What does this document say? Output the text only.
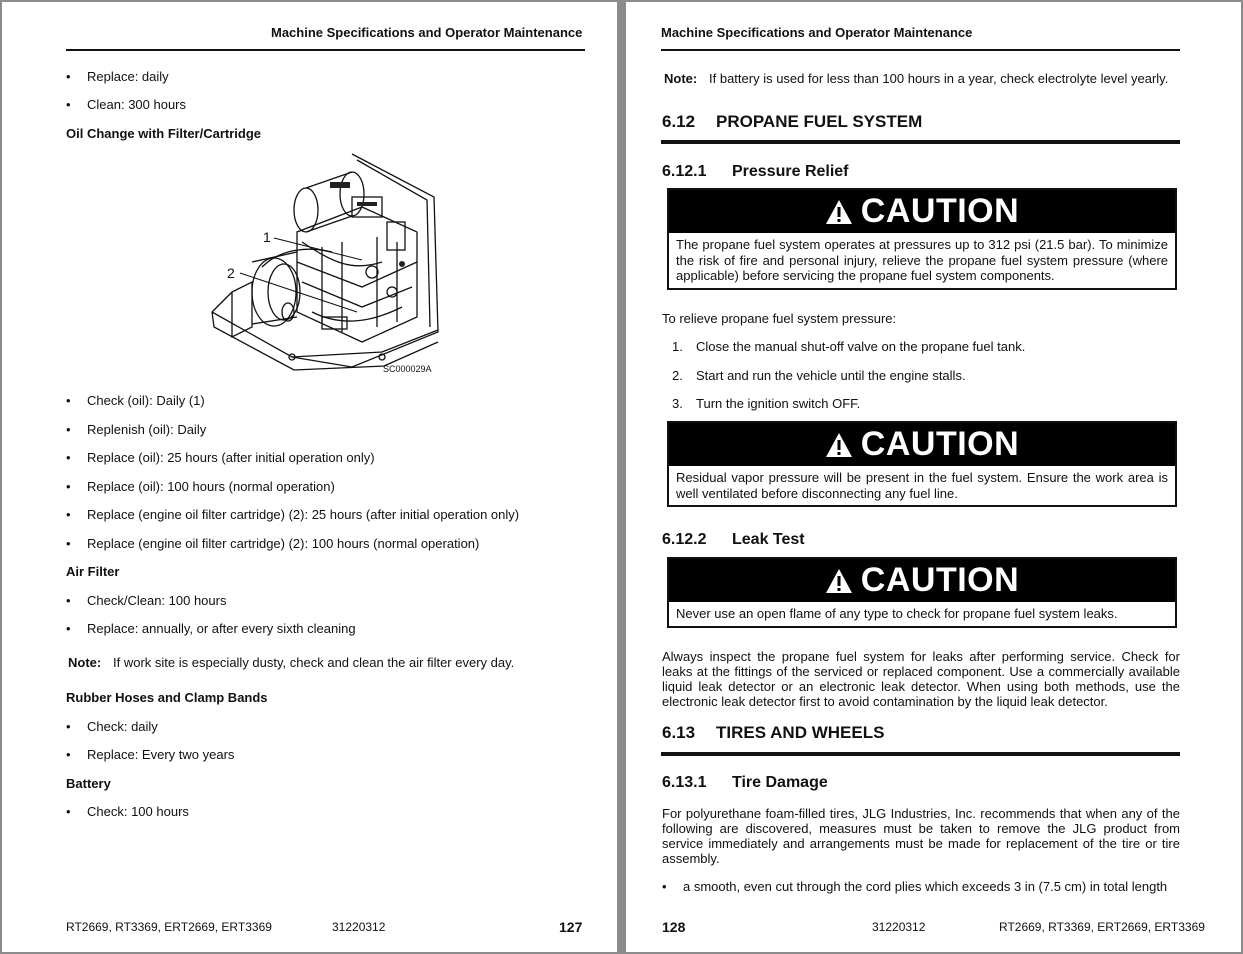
Machine Specifications and Operator Maintenance
• Replace: daily
• Clean: 300 hours
Oil Change with Filter/Cartridge
1
2
SC000029A
• Check (oil): Daily (1)
• Replenish (oil): Daily
• Replace (oil): 25 hours (after initial operation only)
• Replace (oil): 100 hours (normal operation)
• Replace (engine oil filter cartridge) (2): 25 hours (after initial operation only)
• Replace (engine oil filter cartridge) (2): 100 hours (normal operation)
Air Filter
• Check/Clean: 100 hours
• Replace: annually, or after every sixth cleaning
Note: If work site is especially dusty, check and clean the air filter every day.
Rubber Hoses and Clamp Bands
• Check: daily
• Replace: Every two years
Battery
• Check: 100 hours
RT2669, RT3369, ERT2669, ERT3369	31220312	127
Machine Specifications and Operator Maintenance
Note: If battery is used for less than 100 hours in a year, check electrolyte level yearly.
6.12 PROPANE FUEL SYSTEM
6.12.1 Pressure Relief
CAUTION
The propane fuel system operates at pressures up to 312 psi (21.5 bar). To minimize the risk of fire and personal injury, relieve the propane fuel system pressure (where applicable) before servicing the propane fuel system components.
To relieve propane fuel system pressure:
1. Close the manual shut-off valve on the propane fuel tank.
2. Start and run the vehicle until the engine stalls.
3. Turn the ignition switch OFF.
CAUTION
Residual vapor pressure will be present in the fuel system. Ensure the work area is well ventilated before disconnecting any fuel line.
6.12.2 Leak Test
CAUTION
Never use an open flame of any type to check for propane fuel system leaks.
Always inspect the propane fuel system for leaks after performing service. Check for leaks at the fittings of the serviced or replaced component. Use a commercially available liquid leak detector or an electronic leak detector. When using both methods, use the electronic leak detector first to avoid contamination by the liquid leak detector.
6.13 TIRES AND WHEELS
6.13.1 Tire Damage
For polyurethane foam-filled tires, JLG Industries, Inc. recommends that when any of the following are discovered, measures must be taken to remove the JLG product from service immediately and arrangements must be made for replacement of the tire or tire assembly.
• a smooth, even cut through the cord plies which exceeds 3 in (7.5 cm) in total length
128	31220312	RT2669, RT3369, ERT2669, ERT3369
